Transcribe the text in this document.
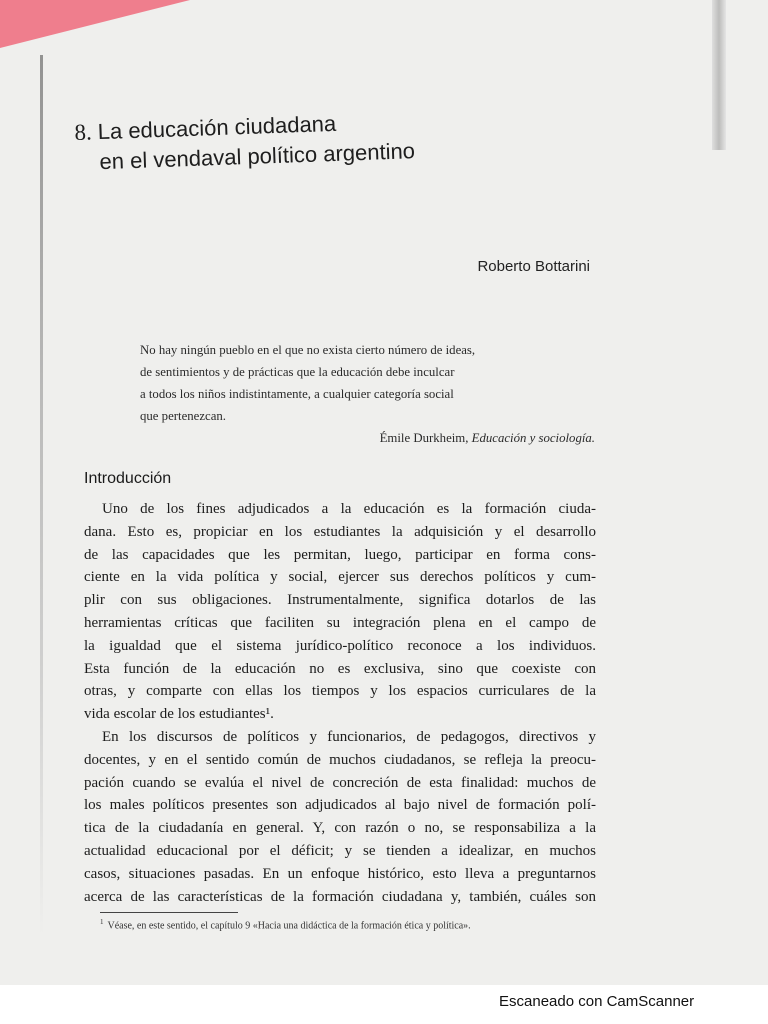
8. La educación ciudadana
en el vendaval político argentino

Roberto Bottarini

No hay ningún pueblo en el que no exista cierto número de ideas,

de sentimientos y de prácticas que la educación debe inculcar

a todos los niños indistintamente, a cualquier categoría social

que pertenezcan.

Émile Durkheim, Educación y sociología.

Introducción
Uno de los fines adjudicados a la educación es la formación ciuda-
dana. Esto es, propiciar en los estudiantes la adquisición y el desarrollo
de las capacidades que les permitan, luego, participar en forma cons-
ciente en la vida política y social, ejercer sus derechos políticos y cum-
plir con sus obligaciones. Instrumentalmente, significa dotarlos de las
herramientas críticas que faciliten su integración plena en el campo de
la igualdad que el sistema jurídico-político reconoce a los individuos.
Esta función de la educación no es exclusiva, sino que coexiste con
otras, y comparte con ellas los tiempos y los espacios curriculares de la
vida escolar de los estudiantes¹.
En los discursos de políticos y funcionarios, de pedagogos, directivos y
docentes, y en el sentido común de muchos ciudadanos, se refleja la preocu-
pación cuando se evalúa el nivel de concreción de esta finalidad: muchos de
los males políticos presentes son adjudicados al bajo nivel de formación polí-
tica de la ciudadanía en general. Y, con razón o no, se responsabiliza a la
actualidad educacional por el déficit; y se tienden a idealizar, en muchos
casos, situaciones pasadas. En un enfoque histórico, esto lleva a preguntarnos
acerca de las características de la formación ciudadana y, también, cuáles son

$^1$ Véase, en este sentido, el capítulo 9 «Hacia una didáctica de la formación ética y política».

Escaneado con CamScanner
